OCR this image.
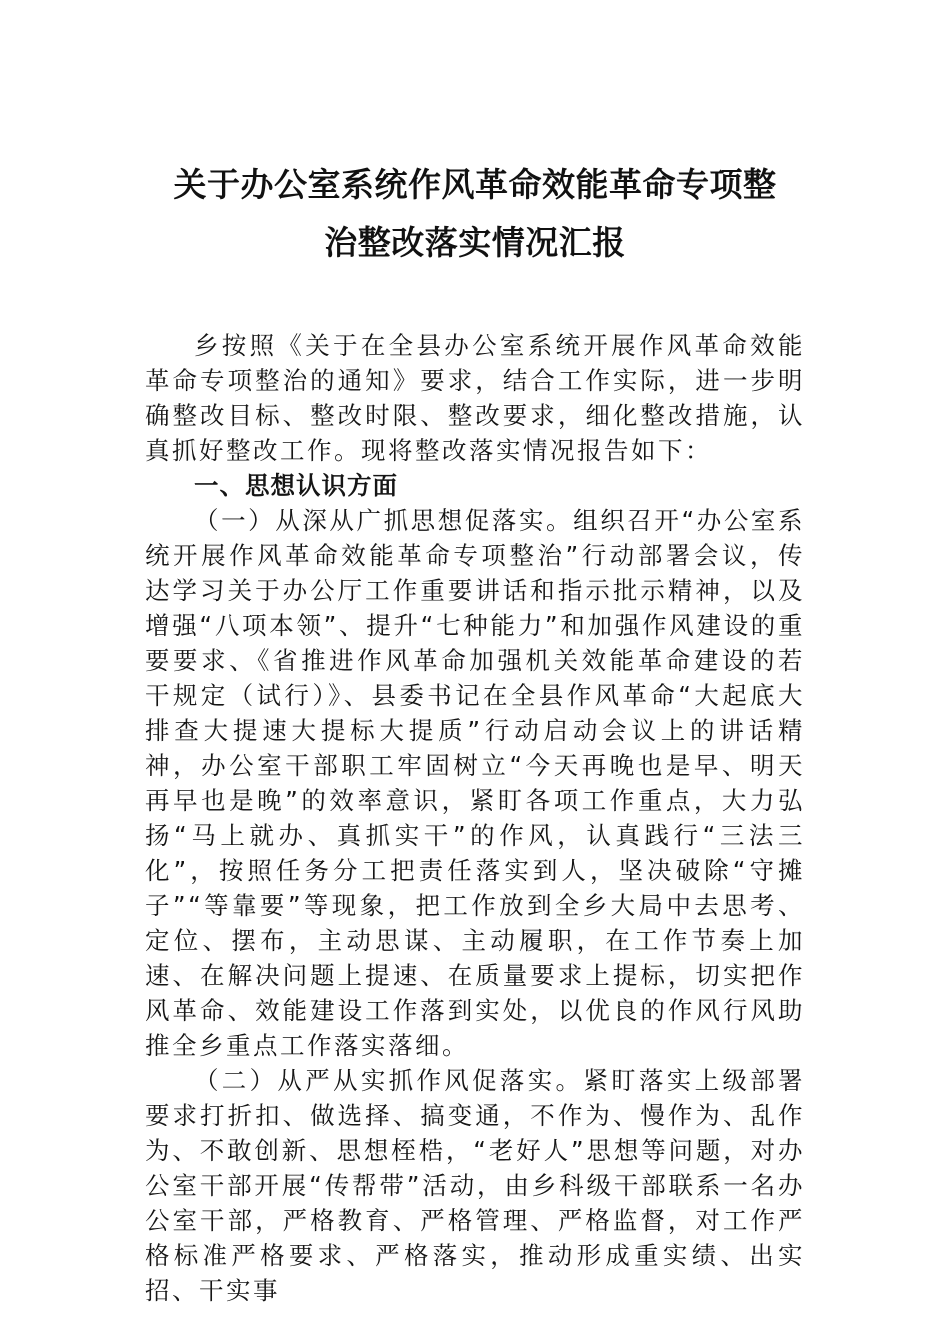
关于办公室系统作风革命效能革命专项整
治整改落实情况汇报

乡按照《关于在全县办公室系统开展作风革命效能革命专项整治的通知》要求，结合工作实际，进一步明确整改目标、整改时限、整改要求，细化整改措施，认真抓好整改工作。现将整改落实情况报告如下：

一、思想认识方面

（一）从深从广抓思想促落实。组织召开“办公室系统开展作风革命效能革命专项整治”行动部署会议，传达学习关于办公厅工作重要讲话和指示批示精神，以及增强“八项本领”、提升“七种能力”和加强作风建设的重要要求、《省推进作风革命加强机关效能革命建设的若干规定（试行）》、县委书记在全县作风革命“大起底大排查大提速大提标大提质”行动启动会议上的讲话精神，办公室干部职工牢固树立“今天再晚也是早、明天再早也是晚”的效率意识，紧盯各项工作重点，大力弘扬“马上就办、真抓实干”的作风，认真践行“三法三化”，按照任务分工把责任落实到人，坚决破除“守摊子”“等靠要”等现象，把工作放到全乡大局中去思考、定位、摆布，主动思谋、主动履职，在工作节奏上加速、在解决问题上提速、在质量要求上提标，切实把作风革命、效能建设工作落到实处，以优良的作风行风助推全乡重点工作落实落细。

（二）从严从实抓作风促落实。紧盯落实上级部署要求打折扣、做选择、搞变通，不作为、慢作为、乱作为、不敢创新、思想桎梏，“老好人”思想等问题，对办公室干部开展“传帮带”活动，由乡科级干部联系一名办公室干部，严格教育、严格管理、严格监督，对工作严格标准严格要求、严格落实，推动形成重实绩、出实招、干实事
